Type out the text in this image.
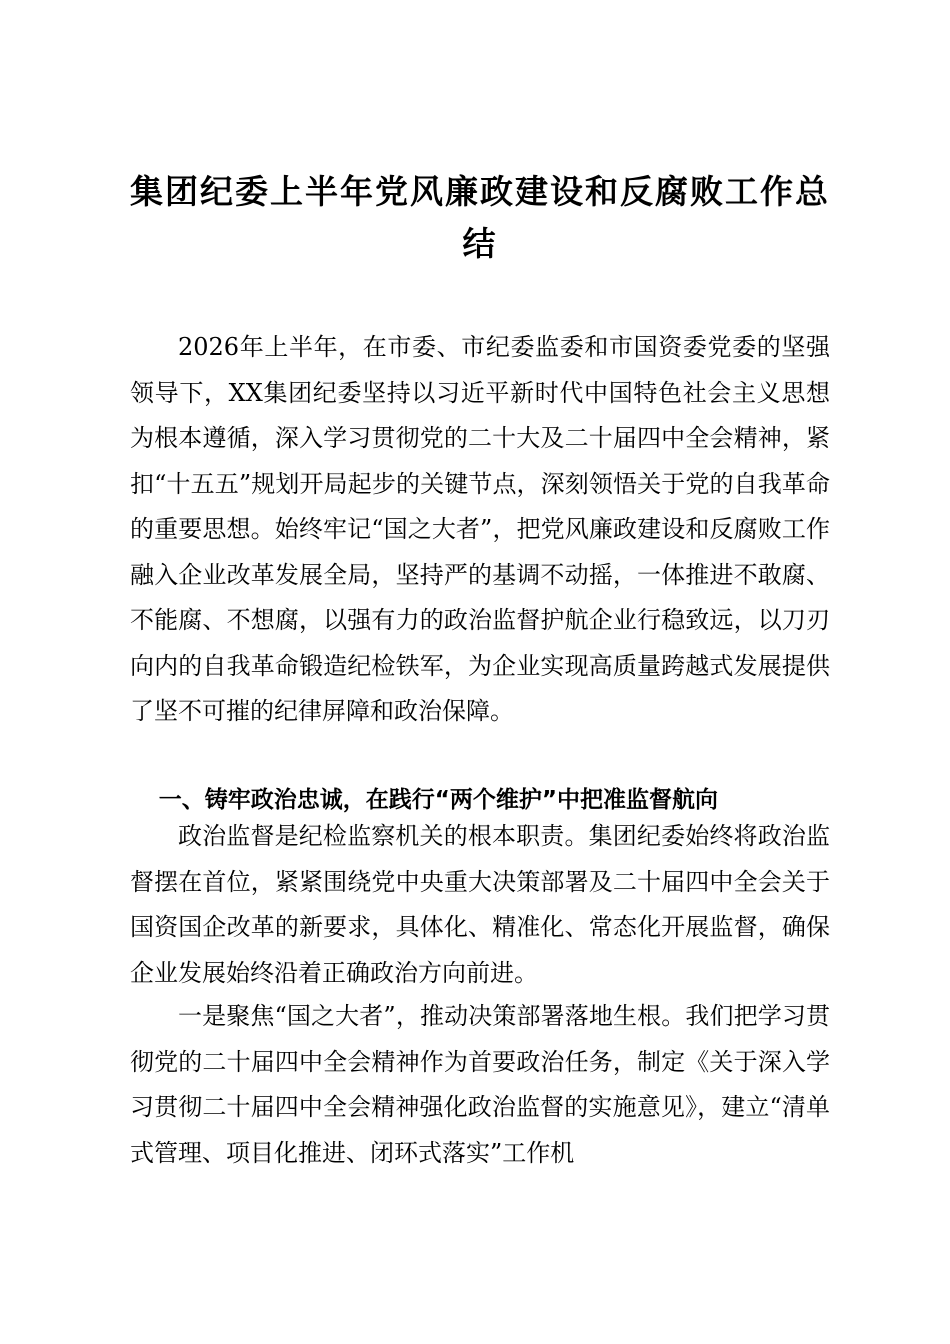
集团纪委上半年党风廉政建设和反腐败工作总
结

2026年上半年，在市委、市纪委监委和市国资委党委的坚强领导下，XX集团纪委坚持以习近平新时代中国特色社会主义思想为根本遵循，深入学习贯彻党的二十大及二十届四中全会精神，紧扣“十五五”规划开局起步的关键节点，深刻领悟关于党的自我革命的重要思想。始终牢记“国之大者”，把党风廉政建设和反腐败工作融入企业改革发展全局，坚持严的基调不动摇，一体推进不敢腐、不能腐、不想腐，以强有力的政治监督护航企业行稳致远，以刀刃向内的自我革命锻造纪检铁军，为企业实现高质量跨越式发展提供了坚不可摧的纪律屏障和政治保障。

一、铸牢政治忠诚，在践行“两个维护”中把准监督航向

政治监督是纪检监察机关的根本职责。集团纪委始终将政治监督摆在首位，紧紧围绕党中央重大决策部署及二十届四中全会关于国资国企改革的新要求，具体化、精准化、常态化开展监督，确保企业发展始终沿着正确政治方向前进。

一是聚焦“国之大者”，推动决策部署落地生根。我们把学习贯彻党的二十届四中全会精神作为首要政治任务，制定《关于深入学习贯彻二十届四中全会精神强化政治监督的实施意见》，建立“清单式管理、项目化推进、闭环式落实”工作机
